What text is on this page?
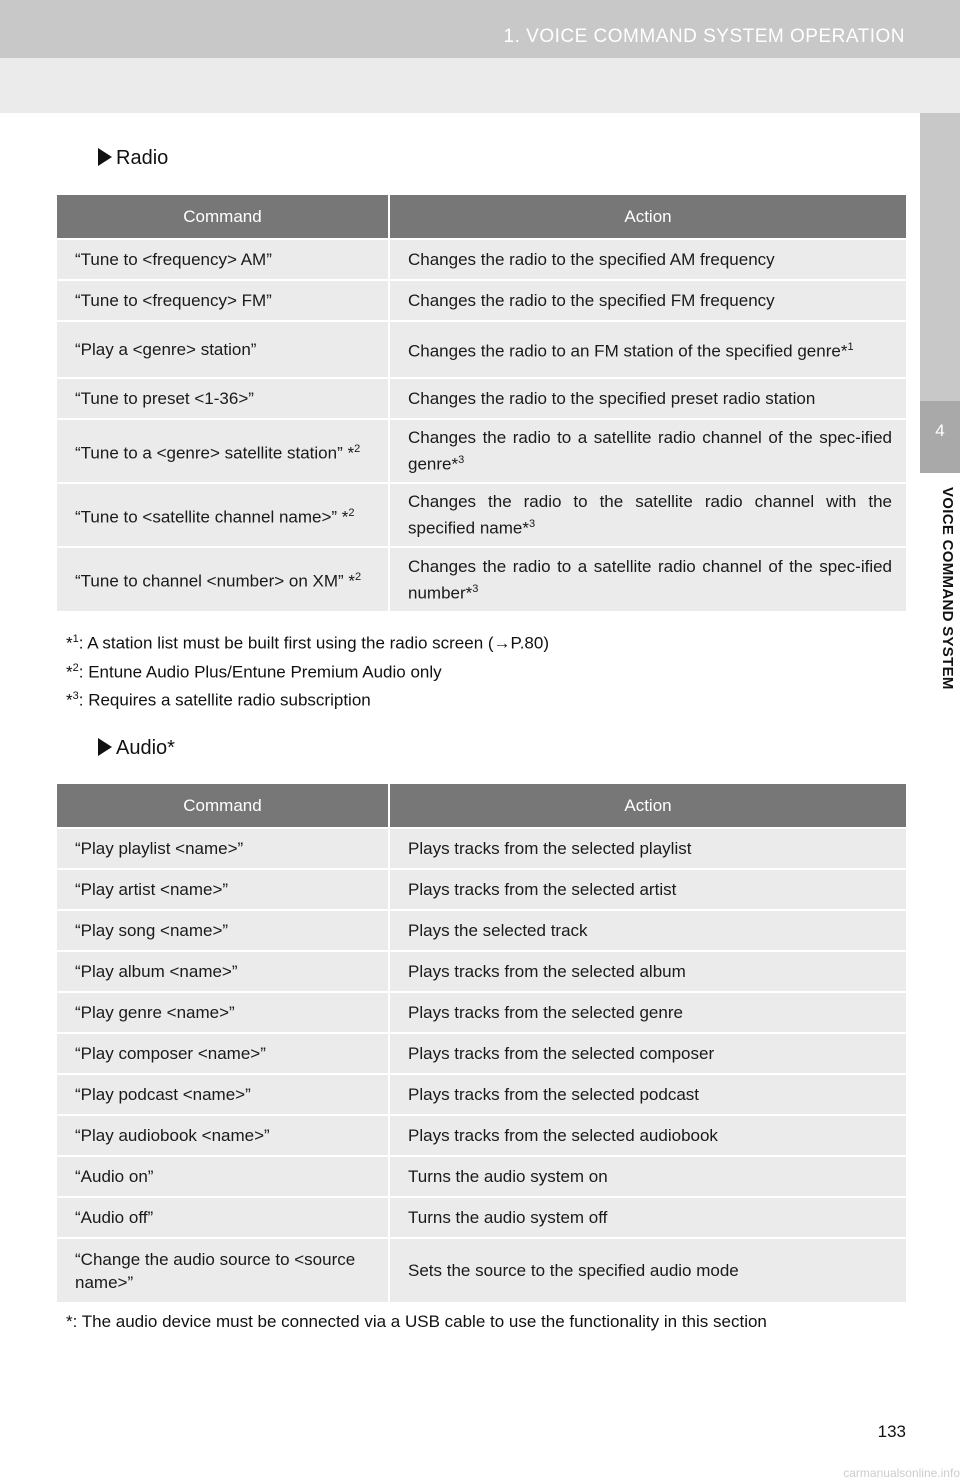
1. VOICE COMMAND SYSTEM OPERATION
4
VOICE COMMAND SYSTEM
Radio
Command	Action
“Tune to <frequency> AM”	Changes the radio to the specified AM frequency
“Tune to <frequency> FM”	Changes the radio to the specified FM frequency
“Play a <genre> station”	Changes the radio to an FM station of the specified genre*$^1$
“Tune to preset <1-36>”	Changes the radio to the specified preset radio station
“Tune to a <genre> satellite station” *$^2$	Changes the radio to a satellite radio channel of the spec-ified genre*$^3$
“Tune to <satellite channel name>” *$^2$	Changes the radio to the satellite radio channel with the specified name*$^3$
“Tune to channel <number> on XM” *$^2$	Changes the radio to a satellite radio channel of the spec-ified number*$^3$
*$^1$: A station list must be built first using the radio screen (→P.80)
*$^2$: Entune Audio Plus/Entune Premium Audio only
*$^3$: Requires a satellite radio subscription
Audio*
Command	Action
“Play playlist <name>”	Plays tracks from the selected playlist
“Play artist <name>”	Plays tracks from the selected artist
“Play song <name>”	Plays the selected track
“Play album <name>”	Plays tracks from the selected album
“Play genre <name>”	Plays tracks from the selected genre
“Play composer <name>”	Plays tracks from the selected composer
“Play podcast <name>”	Plays tracks from the selected podcast
“Play audiobook <name>”	Plays tracks from the selected audiobook
“Audio on”	Turns the audio system on
“Audio off”	Turns the audio system off
“Change the audio source to <source name>”	Sets the source to the specified audio mode
*: The audio device must be connected via a USB cable to use the functionality in this section
133
carmanualsonline.info
